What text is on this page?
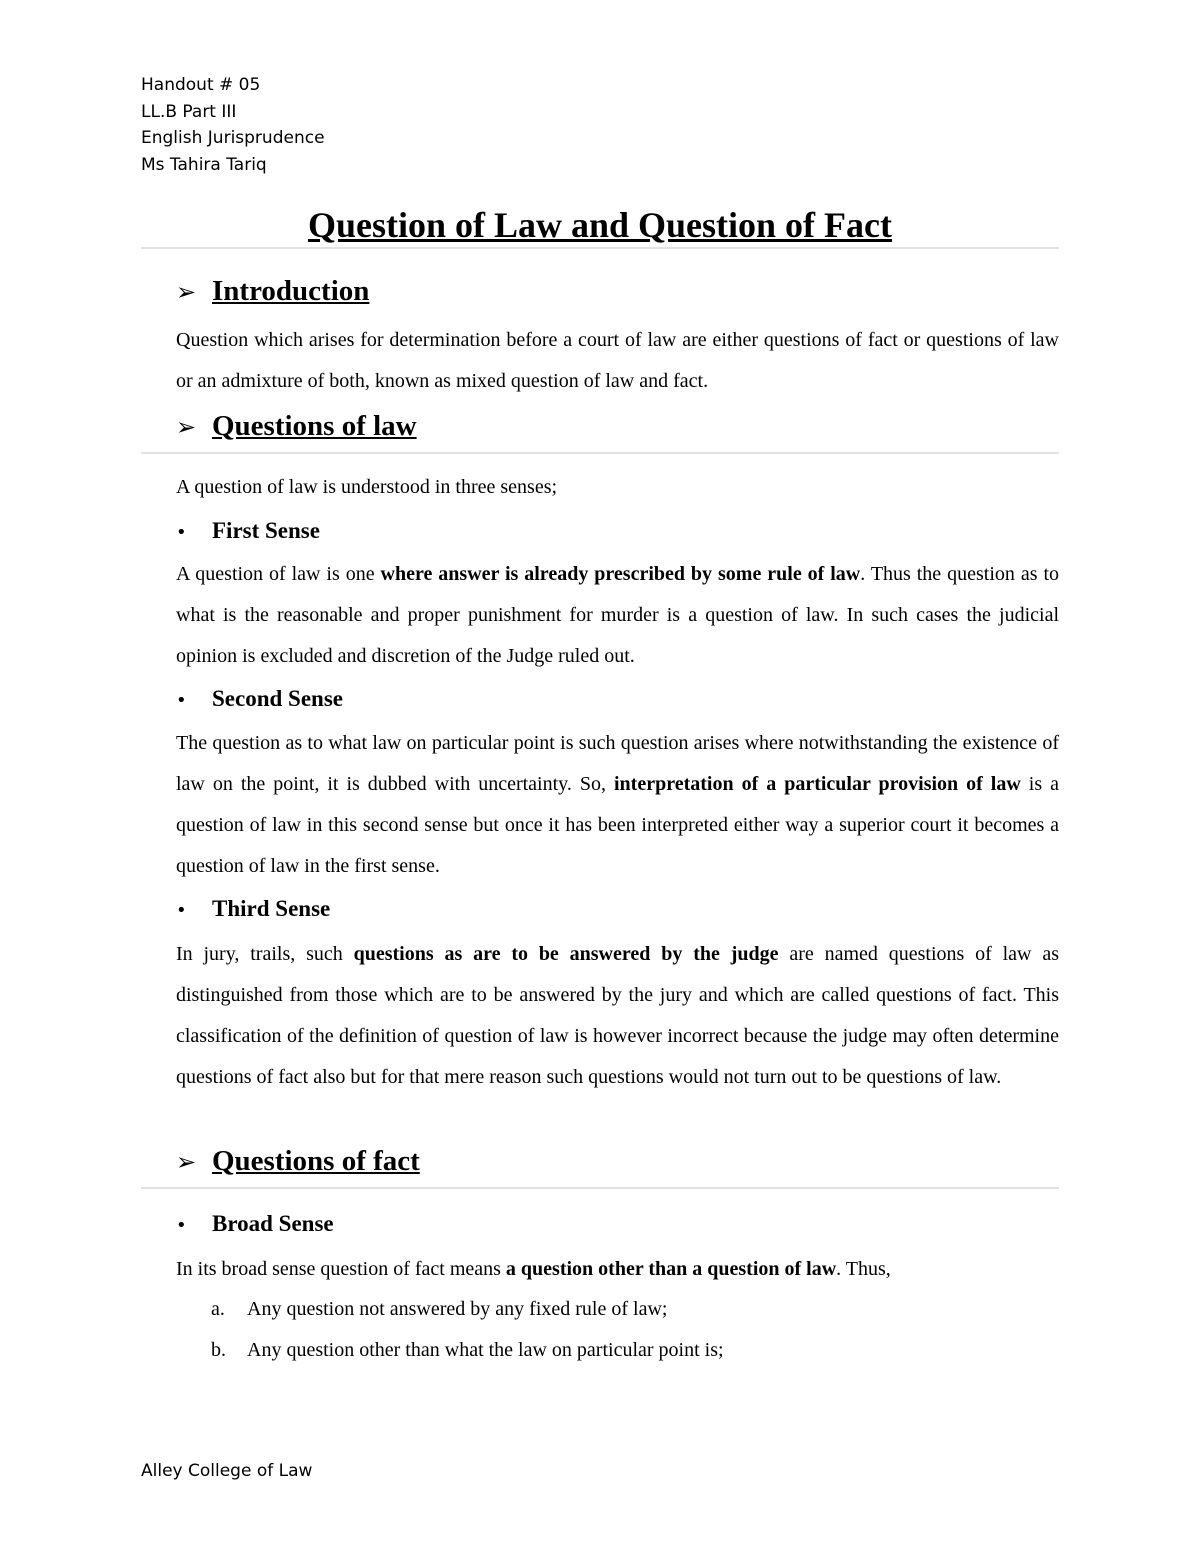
Handout # 05
LL.B Part III
English Jurisprudence
Ms Tahira Tariq
Question of Law and Question of Fact
➢ Introduction
Question which arises for determination before a court of law are either questions of fact or questions of law or an admixture of both, known as mixed question of law and fact.
➢ Questions of law
A question of law is understood in three senses;
• First Sense
A question of law is one where answer is already prescribed by some rule of law. Thus the question as to what is the reasonable and proper punishment for murder is a question of law. In such cases the judicial opinion is excluded and discretion of the Judge ruled out.
• Second Sense
The question as to what law on particular point is such question arises where notwithstanding the existence of law on the point, it is dubbed with uncertainty. So, interpretation of a particular provision of law is a question of law in this second sense but once it has been interpreted either way a superior court it becomes a question of law in the first sense.
• Third Sense
In jury, trails, such questions as are to be answered by the judge are named questions of law as distinguished from those which are to be answered by the jury and which are called questions of fact. This classification of the definition of question of law is however incorrect because the judge may often determine questions of fact also but for that mere reason such questions would not turn out to be questions of law.
➢ Questions of fact
• Broad Sense
In its broad sense question of fact means a question other than a question of law. Thus,
a. Any question not answered by any fixed rule of law;
b. Any question other than what the law on particular point is;
Alley College of Law
